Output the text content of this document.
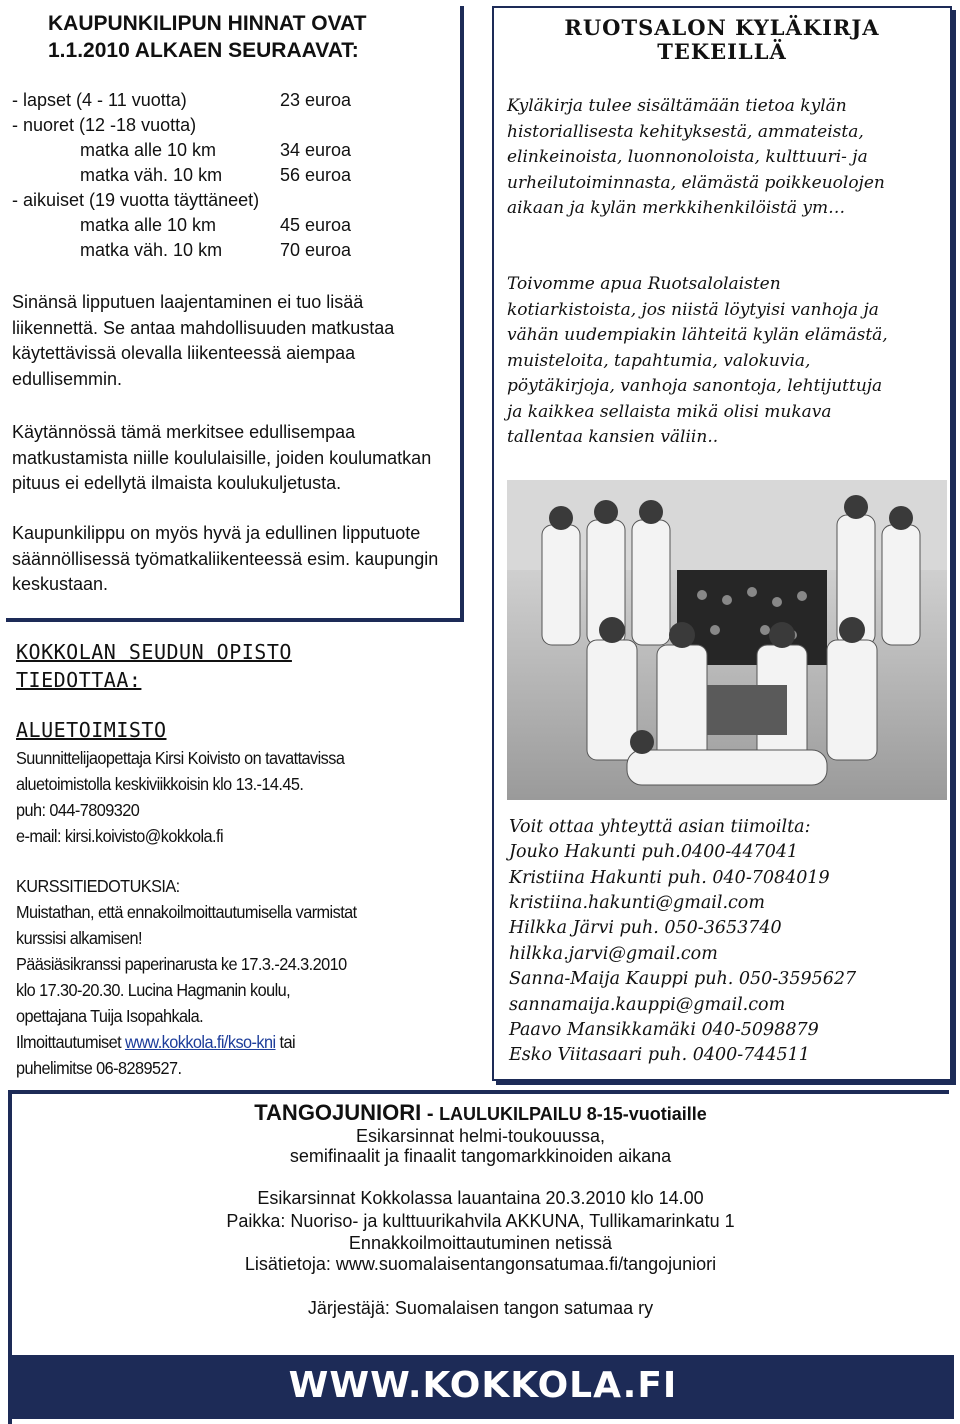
KAUPUNKILIPUN HINNAT OVAT
1.1.2010 ALKAEN SEURAAVAT:
- lapset (4 - 11 vuotta)	23 euroa
- nuoret (12 -18 vuotta)
matka alle 10 km	34 euroa
matka väh. 10 km	56 euroa
- aikuiset (19 vuotta täyttäneet)
matka alle 10 km	45 euroa
matka väh. 10 km	70 euroa
Sinänsä lipputuen laajentaminen ei tuo lisää liikennettä. Se antaa mahdollisuuden matkustaa käytettävissä olevalla liikenteessä aiempaa edullisemmin.
Käytännössä tämä merkitsee edullisempaa matkustamista niille koululaisille, joiden koulumatkan pituus ei edellytä ilmaista koulukuljetusta.
Kaupunkilippu on myös hyvä ja edullinen lipputuote säännöllisessä työmatkaliikenteessä esim. kaupungin keskustaan.
RUOTSALON KYLÄKIRJA
TEKEILLÄ
Kyläkirja tulee sisältämään tietoa kylän historiallisesta kehityksestä, ammateista, elinkeinoista, luonnonoloista, kulttuuri- ja urheilutoiminnasta, elämästä poikkeuolojen aikaan ja kylän merkkihenkilöistä ym…
Toivomme apua Ruotsalolaisten kotiarkistoista, jos niistä löytyisi vanhoja ja vähän uudempiakin lähteitä kylän elämästä, muisteloita, tapahtumia, valokuvia, pöytäkirjoja, vanhoja sanontoja, lehtijuttuja ja kaikkea sellaista mikä olisi mukava tallentaa kansien väliin..
Voit ottaa yhteyttä asian tiimoilta:
Jouko Hakunti puh.0400-447041
Kristiina Hakunti puh. 040-7084019
kristiina.hakunti@gmail.com
Hilkka Järvi puh. 050-3653740
hilkka.jarvi@gmail.com
Sanna-Maija Kauppi puh. 050-3595627
sannamaija.kauppi@gmail.com
Paavo Mansikkamäki 040-5098879
Esko Viitasaari puh. 0400-744511
KOKKOLAN SEUDUN OPISTO
TIEDOTTAA:
ALUETOIMISTO
Suunnittelijaopettaja Kirsi Koivisto on tavattavissa
aluetoimistolla keskiviikkoisin klo 13.-14.45.
puh: 044-7809320
e-mail: kirsi.koivisto@kokkola.fi
KURSSITIEDOTUKSIA:
Muistathan, että ennakoilmoittautumisella varmistat
kurssisi alkamisen!
Pääsiäsikranssi paperinarusta ke 17.3.-24.3.2010
klo 17.30-20.30. Lucina Hagmanin koulu,
opettajana Tuija Isopahkala.
Ilmoittautumiset www.kokkola.fi/kso-kni tai
puhelimitse 06-8289527.
TANGOJUNIORI - LAULUKILPAILU 8-15-vuotiaille
Esikarsinnat helmi-toukouussa,
semifinaalit ja finaalit tangomarkkinoiden aikana
Esikarsinnat Kokkolassa lauantaina 20.3.2010 klo 14.00
Paikka: Nuoriso- ja kulttuurikahvila AKKUNA, Tullikamarinkatu 1
Ennakkoilmoittautuminen netissä
Lisätietoja: www.suomalaisentangonsatumaa.fi/tangojuniori
Järjestäjä: Suomalaisen tangon satumaa ry
WWW.KOKKOLA.FI
